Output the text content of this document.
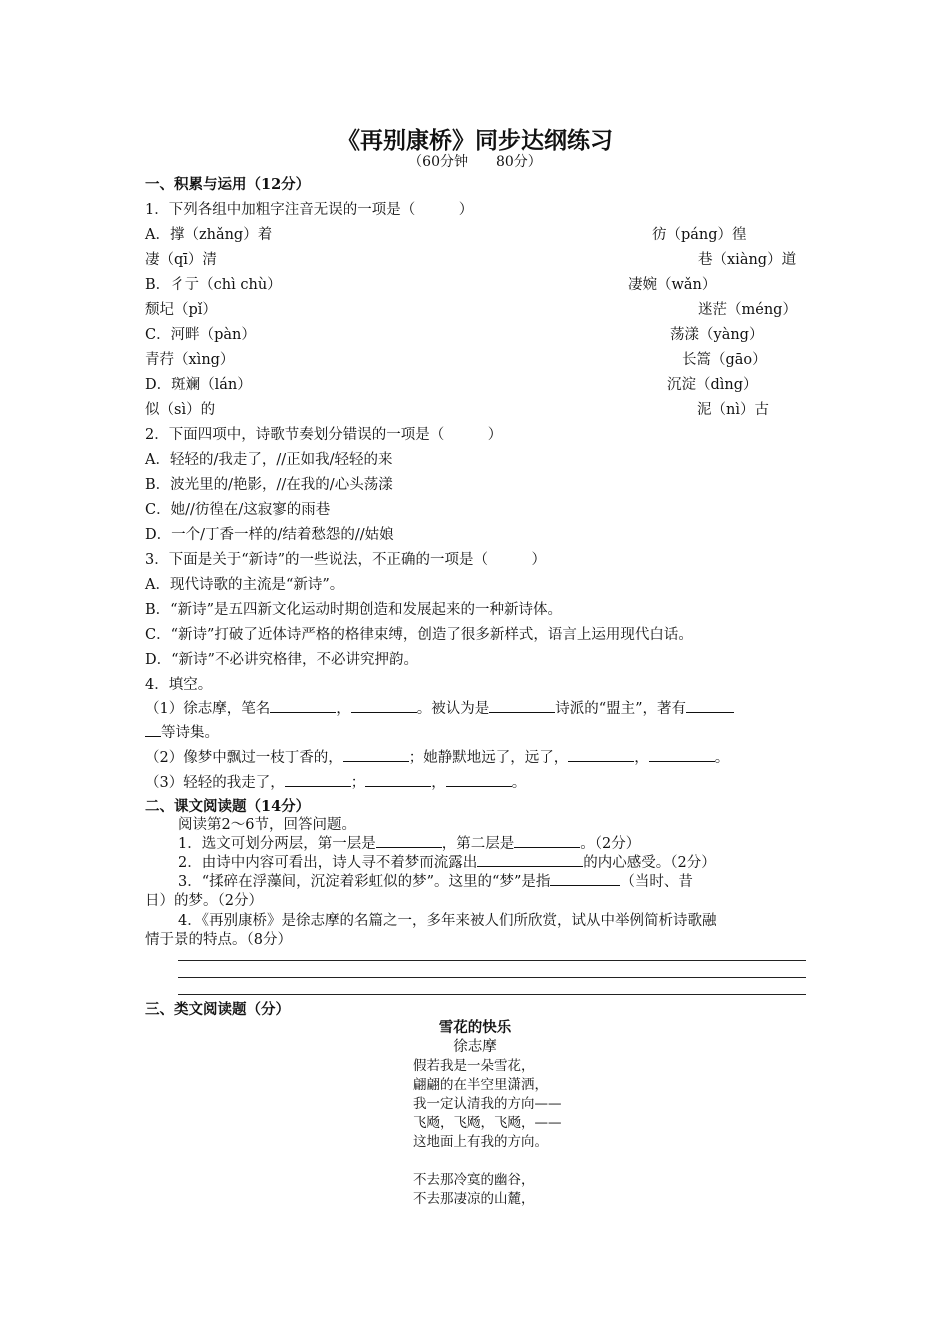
《再别康桥》同步达纲练习
（60分钟　　80分）
一、积累与运用（12分）
1．下列各组中加粗字注音无误的一项是（　　　）
A．撑（zhǎng）着	彷（páng）徨
凄（qī）清	巷（xiàng）道
B．彳亍（chì chù）	凄婉（wǎn）
颓圮（pǐ）	迷茫（méng）
C．河畔（pàn）	荡漾（yàng）
青荇（xìng）	长篙（gāo）
D．斑斓（lán）	沉淀（dìng）
似（sì）的	泥（nì）古
2．下面四项中，诗歌节奏划分错误的一项是（　　　）
A．轻轻的/我走了，//正如我/轻轻的来
B．波光里的/艳影，//在我的/心头荡漾
C．她//彷徨在/这寂寥的雨巷
D．一个/丁香一样的/结着愁怨的//姑娘
3．下面是关于“新诗”的一些说法，不正确的一项是（　　　）
A．现代诗歌的主流是“新诗”。
B．“新诗”是五四新文化运动时期创造和发展起来的一种新诗体。
C．“新诗”打破了近体诗严格的格律束缚，创造了很多新样式，语言上运用现代白话。
D．“新诗”不必讲究格律，不必讲究押韵。
4．填空。
（1）徐志摩，笔名	，	。被认为是	诗派的“盟主”，著有
等诗集。
（2）像梦中飘过一枝丁香的，	；她静默地远了，远了，	，	。
（3）轻轻的我走了，	；	，	。
二、课文阅读题（14分）
阅读第2～6节，回答问题。
1．选文可划分两层，第一层是	，第二层是	。（2分）
2．由诗中内容可看出，诗人寻不着梦而流露出	的内心感受。（2分）
3．“揉碎在浮藻间，沉淀着彩虹似的梦”。这里的“梦”是指	（当时、昔
日）的梦。（2分）
4．《再别康桥》是徐志摩的名篇之一，多年来被人们所欣赏，试从中举例简析诗歌融
情于景的特点。（8分）
三、类文阅读题（分）
雪花的快乐
徐志摩
假若我是一朵雪花，
翩翩的在半空里潇洒，
我一定认清我的方向——
飞飏，飞飏，飞飏，——
这地面上有我的方向。
不去那冷寞的幽谷，
不去那凄凉的山麓，
